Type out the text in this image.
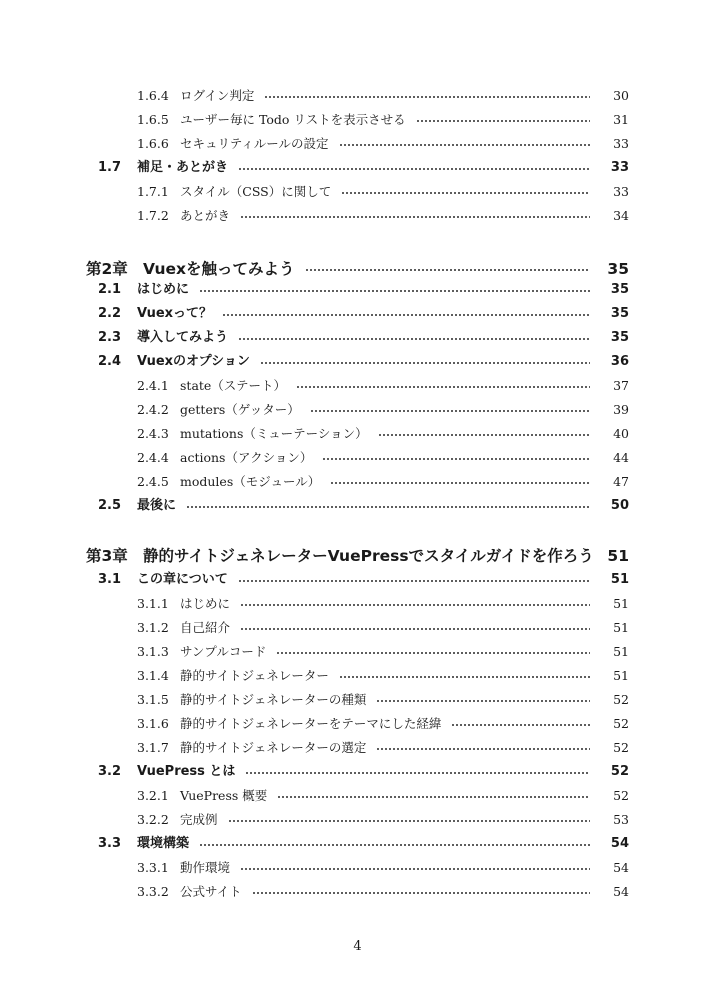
1.6.4 ログイン判定	30
1.6.5 ユーザー毎に Todo リストを表示させる	31
1.6.6 セキュリティルールの設定	33
1.7 補足・あとがき	33
1.7.1 スタイル（CSS）に関して	33
1.7.2 あとがき	34
第2章 Vuexを触ってみよう	35
2.1 はじめに	35
2.2 Vuexって？	35
2.3 導入してみよう	35
2.4 Vuexのオプション	36
2.4.1 state（ステート）	37
2.4.2 getters（ゲッター）	39
2.4.3 mutations（ミューテーション）	40
2.4.4 actions（アクション）	44
2.4.5 modules（モジュール）	47
2.5 最後に	50
第3章 静的サイトジェネレーターVuePressでスタイルガイドを作ろう 51
3.1 この章について	51
3.1.1 はじめに	51
3.1.2 自己紹介	51
3.1.3 サンプルコード	51
3.1.4 静的サイトジェネレーター	51
3.1.5 静的サイトジェネレーターの種類	52
3.1.6 静的サイトジェネレーターをテーマにした経緯	52
3.1.7 静的サイトジェネレーターの選定	52
3.2 VuePress とは	52
3.2.1 VuePress 概要	52
3.2.2 完成例	53
3.3 環境構築	54
3.3.1 動作環境	54
3.3.2 公式サイト	54
4
